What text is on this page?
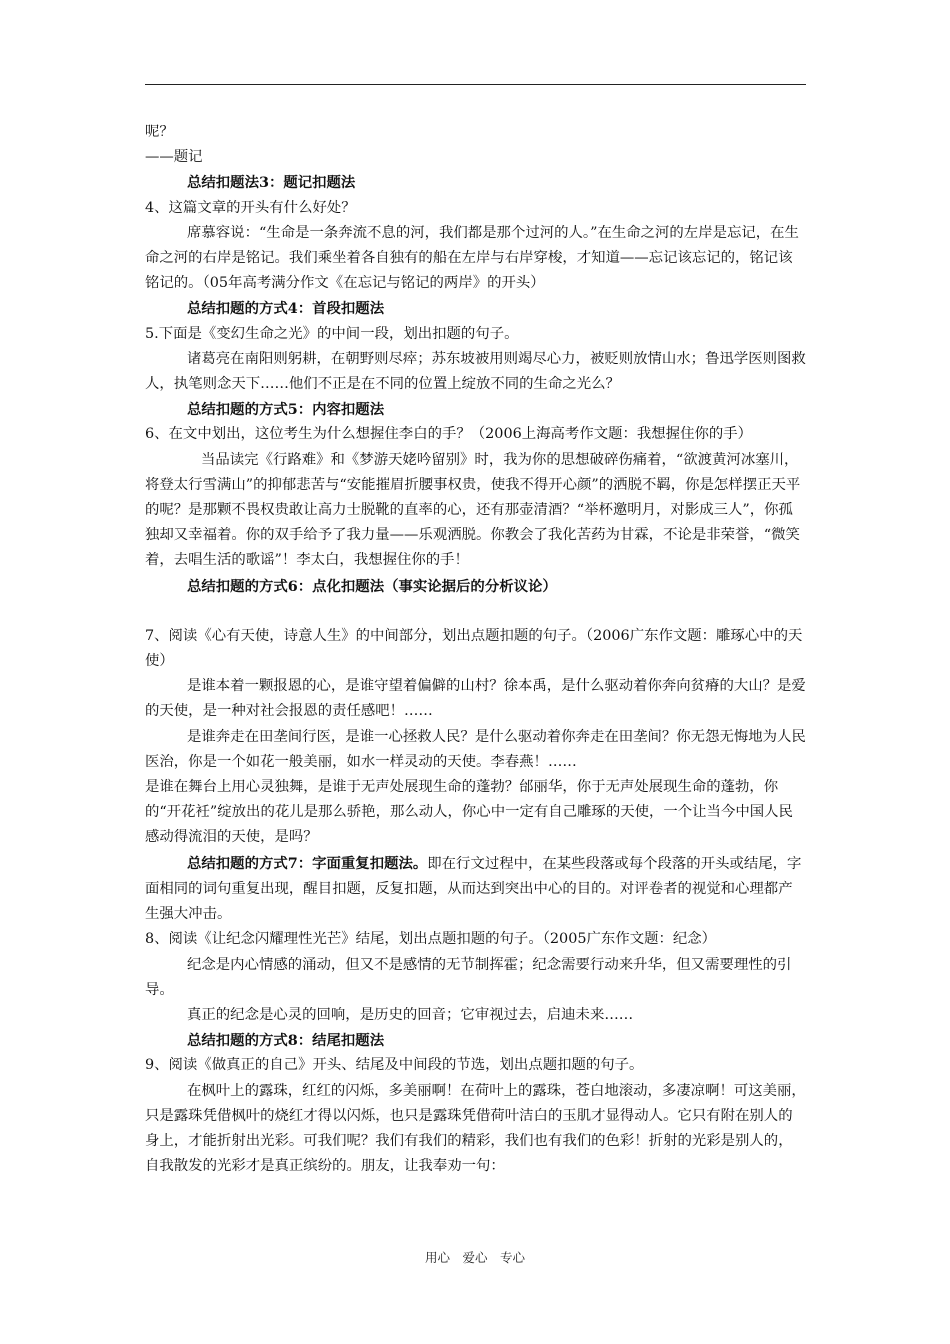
呢？

——题记

总结扣题法3：题记扣题法

4、这篇文章的开头有什么好处？

席慕容说：“生命是一条奔流不息的河，我们都是那个过河的人。”在生命之河的左岸是忘记，在生命之河的右岸是铭记。我们乘坐着各自独有的船在左岸与右岸穿梭，才知道——忘记该忘记的，铭记该铭记的。（05年高考满分作文《在忘记与铭记的两岸》的开头）

总结扣题的方式4：首段扣题法

5.下面是《变幻生命之光》的中间一段，划出扣题的句子。

诸葛亮在南阳则躬耕，在朝野则尽瘁；苏东坡被用则竭尽心力，被贬则放情山水；鲁迅学医则图救人，执笔则念天下……他们不正是在不同的位置上绽放不同的生命之光么？

总结扣题的方式5：内容扣题法

6、在文中划出，这位考生为什么想握住李白的手？（2006上海高考作文题：我想握住你的手）

当品读完《行路难》和《梦游天姥吟留别》时，我为你的思想破碎伤痛着，“欲渡黄河冰塞川，将登太行雪满山”的抑郁悲苦与“安能摧眉折腰事权贵，使我不得开心颜”的洒脱不羁，你是怎样摆正天平的呢？是那颗不畏权贵敢让高力士脱靴的直率的心，还有那壶清酒？“举杯邀明月，对影成三人”，你孤独却又幸福着。你的双手给予了我力量——乐观洒脱。你教会了我化苦药为甘霖，不论是非荣誉，“微笑着，去唱生活的歌谣”！李太白，我想握住你的手！

总结扣题的方式6：点化扣题法（事实论据后的分析议论）

7、阅读《心有天使，诗意人生》的中间部分，划出点题扣题的句子。（2006广东作文题：雕琢心中的天使）

是谁本着一颗报恩的心，是谁守望着偏僻的山村？徐本禹，是什么驱动着你奔向贫瘠的大山？是爱的天使，是一种对社会报恩的责任感吧！……

是谁奔走在田垄间行医，是谁一心拯救人民？是什么驱动着你奔走在田垄间？你无怨无悔地为人民医治，你是一个如花一般美丽，如水一样灵动的天使。李春燕！……

是谁在舞台上用心灵独舞，是谁于无声处展现生命的蓬勃？邰丽华，你于无声处展现生命的蓬勃，你的“开花衽”绽放出的花儿是那么骄艳，那么动人，你心中一定有自己雕琢的天使，一个让当今中国人民感动得流泪的天使，是吗？

总结扣题的方式7：字面重复扣题法。即在行文过程中，在某些段落或每个段落的开头或结尾，字面相同的词句重复出现，醒目扣题，反复扣题，从而达到突出中心的目的。对评卷者的视觉和心理都产生强大冲击。

8、阅读《让纪念闪耀理性光芒》结尾，划出点题扣题的句子。（2005广东作文题：纪念）

纪念是内心情感的涌动，但又不是感情的无节制挥霍；纪念需要行动来升华，但又需要理性的引导。

真正的纪念是心灵的回响，是历史的回音；它审视过去，启迪未来……

总结扣题的方式8：结尾扣题法

9、阅读《做真正的自己》开头、结尾及中间段的节选，划出点题扣题的句子。

在枫叶上的露珠，红红的闪烁，多美丽啊！在荷叶上的露珠，苍白地滚动，多凄凉啊！可这美丽，只是露珠凭借枫叶的烧红才得以闪烁，也只是露珠凭借荷叶洁白的玉肌才显得动人。它只有附在别人的身上，才能折射出光彩。可我们呢？我们有我们的精彩，我们也有我们的色彩！折射的光彩是别人的，自我散发的光彩才是真正缤纷的。朋友，让我奉劝一句：

用心　爱心　专心
